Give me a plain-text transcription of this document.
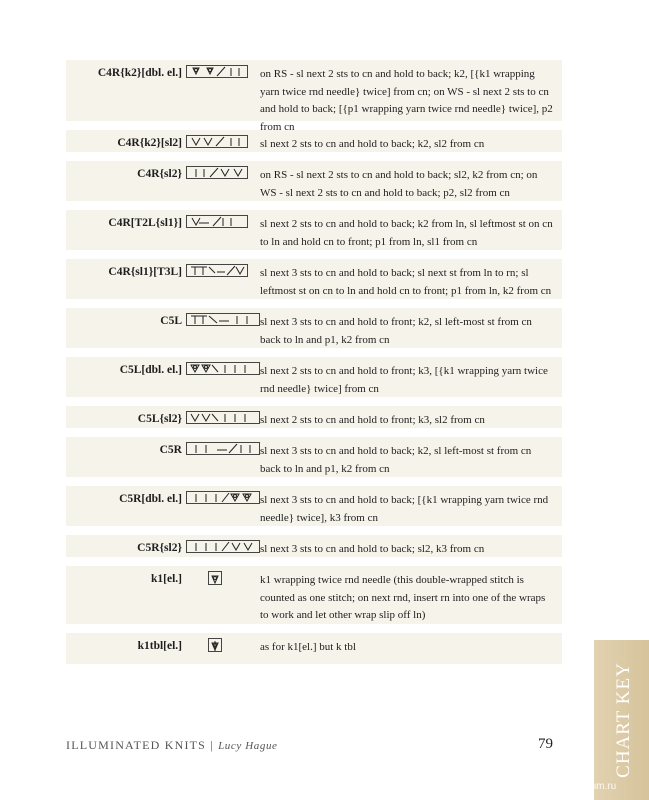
C4R{k2}[dbl. el.]	on RS - sl next 2 sts to cn and hold to back; k2, [{k1 wrapping yarn twice rnd needle} twice] from cn; on WS - sl next 2 sts to cn and hold to back; [{p1 wrapping yarn twice rnd needle} twice], p2 from cn
C4R{k2}[sl2]	sl next 2 sts to cn and hold to back; k2, sl2 from cn
C4R{sl2}	on RS - sl next 2 sts to cn and hold to back; sl2, k2 from cn; on WS - sl next 2 sts to cn and hold to back; p2, sl2 from cn
C4R[T2L{sl1}]	sl next 2 sts to cn and hold to back; k2 from ln, sl leftmost st on cn to ln and hold cn to front; p1 from ln, sl1 from cn
C4R{sl1}[T3L]	sl next 3 sts to cn and hold to back; sl next st from ln to rn; sl leftmost st on cn to ln and hold cn to front; p1 from ln, k2 from cn
C5L	sl next 3 sts to cn and hold to front; k2, sl left-most st from cn back to ln and p1, k2 from cn
C5L[dbl. el.]	sl next 2 sts to cn and hold to front; k3, [{k1 wrapping yarn twice rnd needle} twice] from cn
C5L{sl2}	sl next 2 sts to cn and hold to front; k3, sl2 from cn
C5R	sl next 3 sts to cn and hold to back; k2, sl left-most st from cn back to ln and p1, k2 from cn
C5R[dbl. el.]	sl next 3 sts to cn and hold to back; [{k1 wrapping yarn twice rnd needle} twice], k3 from cn
C5R{sl2}	sl next 3 sts to cn and hold to back; sl2, k3 from cn
k1[el.]	k1 wrapping twice rnd needle (this double-wrapped stitch is counted as one stitch; on next rnd, insert rn into one of the wraps to work and let other wrap slip off ln)
k1tbl[el.]	as for k1[el.] but k tbl
ILLUMINATED KNITS | Lucy Hague	79	CHART KEY
PassionForum.ru
